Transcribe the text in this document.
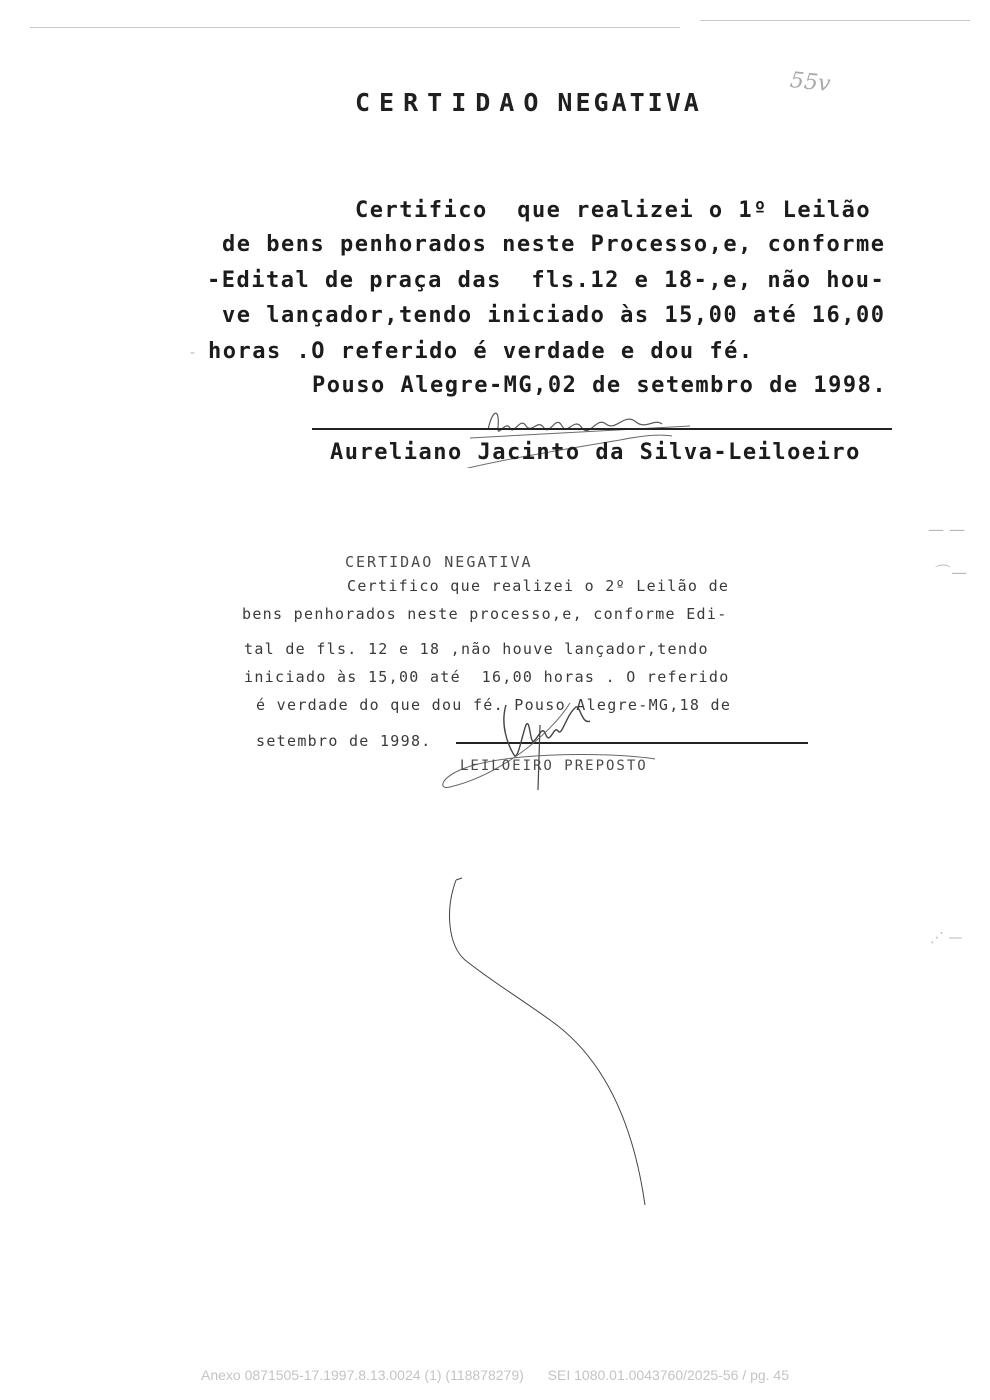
— —
⌒—
⋰ —
-
55v
CERTIDAO NEGATIVA
Certifico  que realizei o 1º Leilão
de bens penhorados neste Processo,e, conforme
-Edital de praça das  fls.12 e 18-,e, não hou-
ve lançador,tendo iniciado às 15,00 até 16,00
horas .O referido é verdade e dou fé.
Pouso Alegre-MG,02 de setembro de 1998.
Aureliano Jacinto da Silva-Leiloeiro
CERTIDAO NEGATIVA
Certifico que realizei o 2º Leilão de
bens penhorados neste processo,e, conforme Edi-
tal de fls. 12 e 18 ,não houve lançador,tendo
iniciado às 15,00 até  16,00 horas . O referido
é verdade do que dou fé. Pouso Alegre-MG,18 de
setembro de 1998.
LEILOEIRO PREPOSTO
Anexo 0871505-17.1997.8.13.0024 (1) (118878279) SEI 1080.01.0043760/2025-56 / pg. 45
